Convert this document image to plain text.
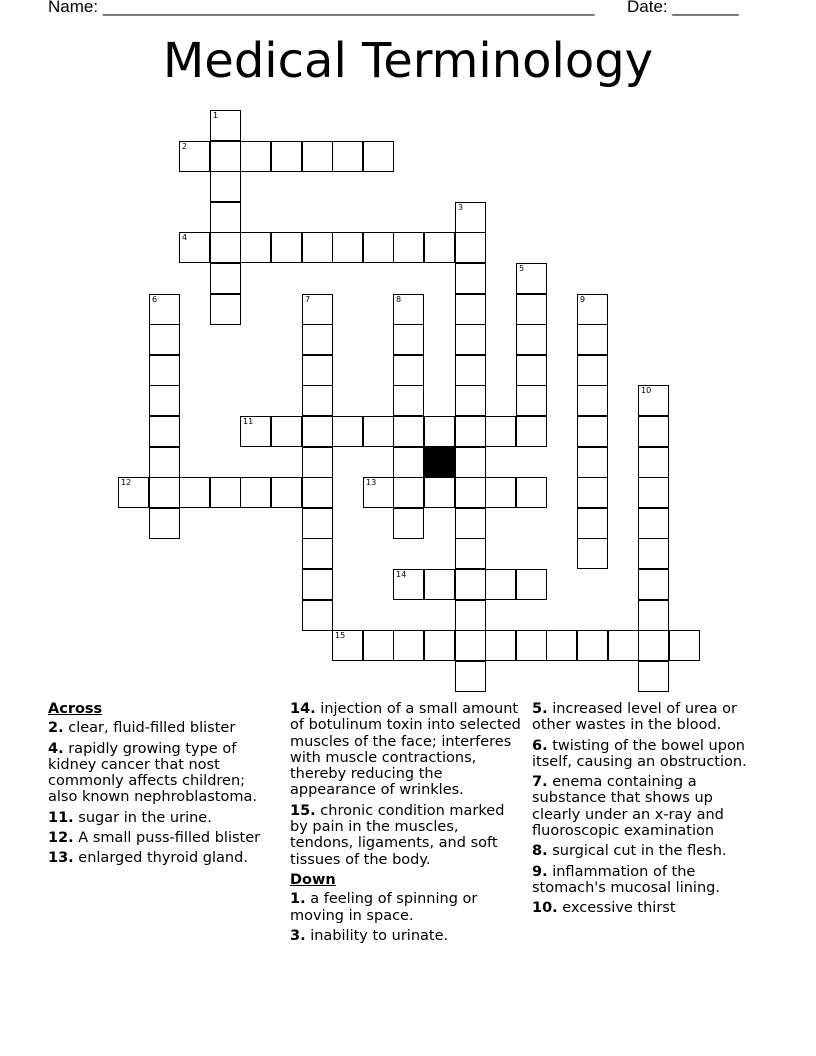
Name: ____________________________________________________ Date: _______
Medical Terminology
1
2
3
4
5
6	7	8	9
10
11
12	13
14
15
Across
2. clear, fluid-filled blister
4. rapidly growing type of kidney cancer that nost commonly affects children; also known nephroblastoma.
11. sugar in the urine.
12. A small puss-filled blister
13. enlarged thyroid gland.
14. injection of a small amount of botulinum toxin into selected muscles of the face; interferes with muscle contractions, thereby reducing the appearance of wrinkles.
15. chronic condition marked by pain in the muscles, tendons, ligaments, and soft tissues of the body.
Down
1. a feeling of spinning or moving in space.
3. inability to urinate.
5. increased level of urea or other wastes in the blood.
6. twisting of the bowel upon itself, causing an obstruction.
7. enema containing a substance that shows up clearly under an x-ray and fluoroscopic examination
8. surgical cut in the flesh.
9. inflammation of the stomach's mucosal lining.
10. excessive thirst
